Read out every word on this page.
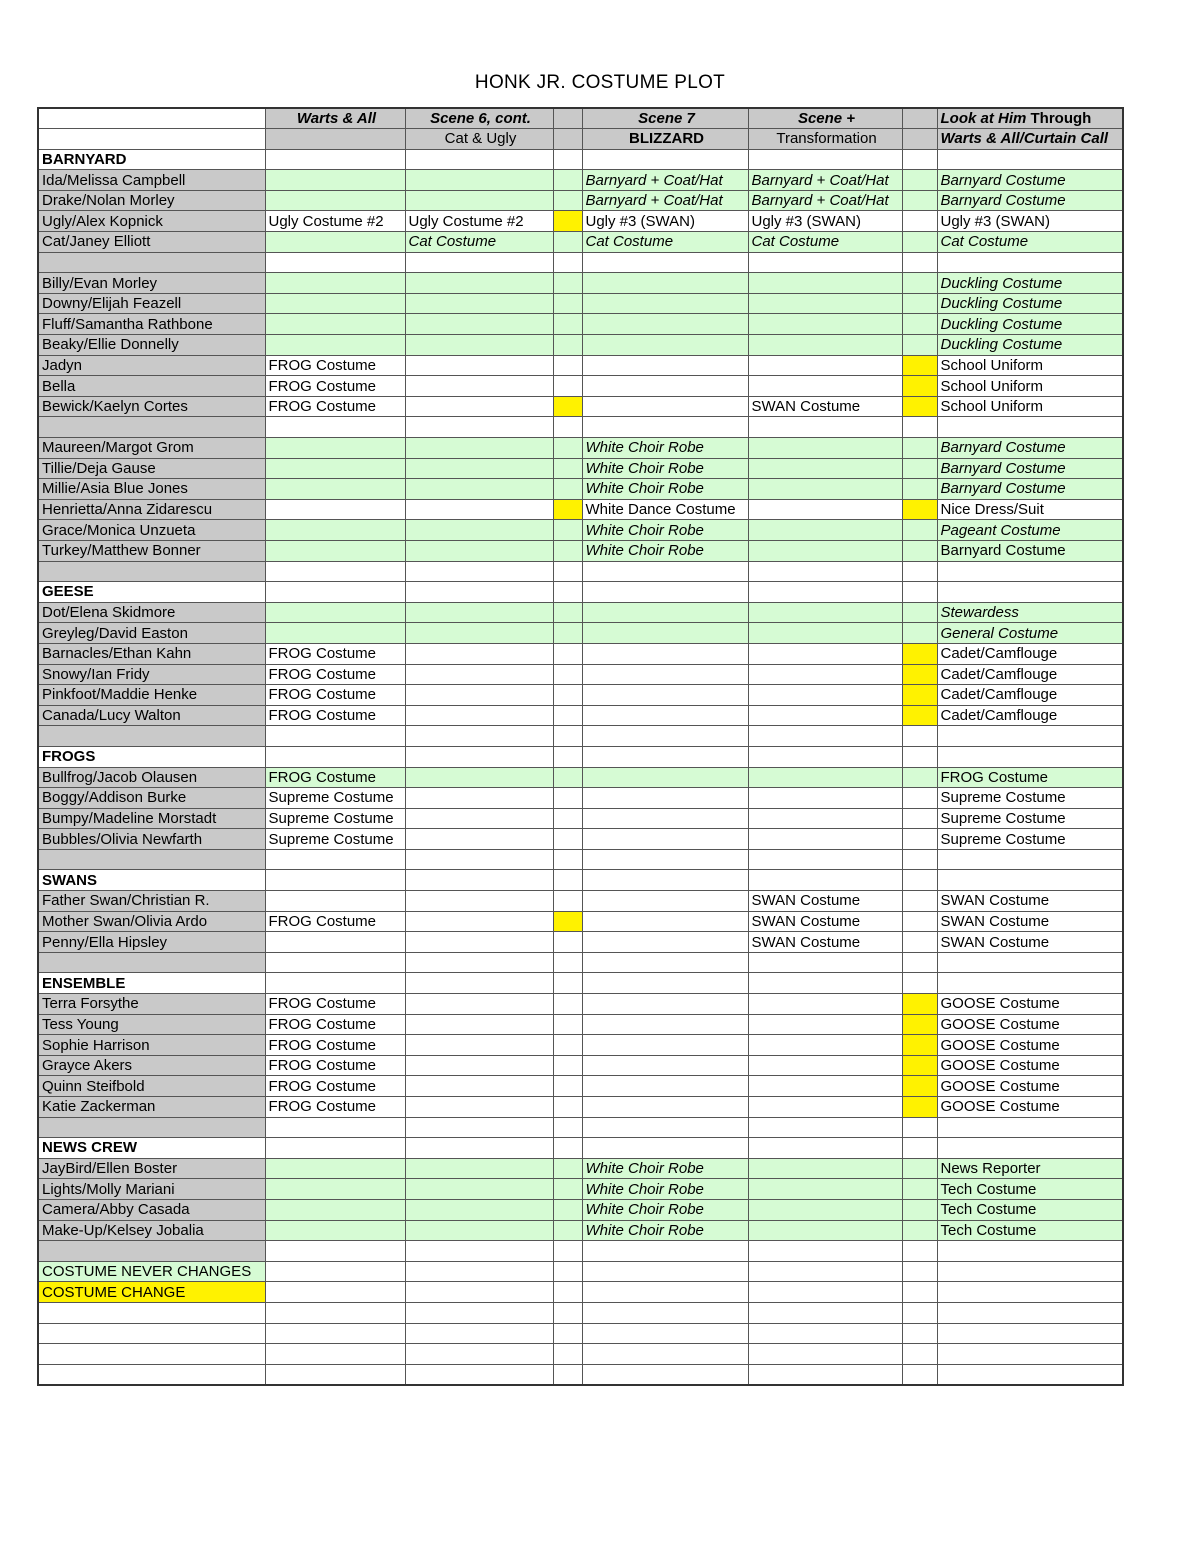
HONK JR. COSTUME PLOT
	Warts & All	Scene 6, cont.		Scene 7	Scene +		Look at Him Through
		Cat & Ugly		BLIZZARD	Transformation		Warts & All/Curtain Call
BARNYARD							
Ida/Melissa Campbell				Barnyard + Coat/Hat	Barnyard + Coat/Hat		Barnyard Costume
Drake/Nolan Morley				Barnyard + Coat/Hat	Barnyard + Coat/Hat		Barnyard Costume
Ugly/Alex Kopnick	Ugly Costume #2	Ugly Costume #2		Ugly #3 (SWAN)	Ugly #3 (SWAN)		Ugly #3 (SWAN)
Cat/Janey Elliott		Cat Costume		Cat Costume	Cat Costume		Cat Costume

Billy/Evan Morley							Duckling Costume
Downy/Elijah Feazell							Duckling Costume
Fluff/Samantha Rathbone							Duckling Costume
Beaky/Ellie Donnelly							Duckling Costume
Jadyn	FROG Costume						School Uniform
Bella	FROG Costume						School Uniform
Bewick/Kaelyn Cortes	FROG Costume				SWAN Costume		School Uniform

Maureen/Margot Grom				White Choir Robe			Barnyard Costume
Tillie/Deja Gause				White Choir Robe			Barnyard Costume
Millie/Asia Blue Jones				White Choir Robe			Barnyard Costume
Henrietta/Anna Zidarescu				White Dance Costume			Nice Dress/Suit
Grace/Monica Unzueta				White Choir Robe			Pageant Costume
Turkey/Matthew Bonner				White Choir Robe			Barnyard Costume

GEESE							
Dot/Elena Skidmore							Stewardess
Greyleg/David Easton							General Costume
Barnacles/Ethan Kahn	FROG Costume						Cadet/Camflouge
Snowy/Ian Fridy	FROG Costume						Cadet/Camflouge
Pinkfoot/Maddie Henke	FROG Costume						Cadet/Camflouge
Canada/Lucy Walton	FROG Costume						Cadet/Camflouge

FROGS							
Bullfrog/Jacob Olausen	FROG Costume						FROG Costume
Boggy/Addison Burke	Supreme Costume						Supreme Costume
Bumpy/Madeline Morstadt	Supreme Costume						Supreme Costume
Bubbles/Olivia Newfarth	Supreme Costume						Supreme Costume

SWANS							
Father Swan/Christian R.					SWAN Costume		SWAN Costume
Mother Swan/Olivia Ardo	FROG Costume				SWAN Costume		SWAN Costume
Penny/Ella Hipsley					SWAN Costume		SWAN Costume

ENSEMBLE							
Terra Forsythe	FROG Costume						GOOSE Costume
Tess Young	FROG Costume						GOOSE Costume
Sophie Harrison	FROG Costume						GOOSE Costume
Grayce Akers	FROG Costume						GOOSE Costume
Quinn Steifbold	FROG Costume						GOOSE Costume
Katie Zackerman	FROG Costume						GOOSE Costume

NEWS CREW							
JayBird/Ellen Boster				White Choir Robe			News Reporter
Lights/Molly Mariani				White Choir Robe			Tech Costume
Camera/Abby Casada				White Choir Robe			Tech Costume
Make-Up/Kelsey Jobalia				White Choir Robe			Tech Costume

COSTUME NEVER CHANGES							
COSTUME CHANGE							
